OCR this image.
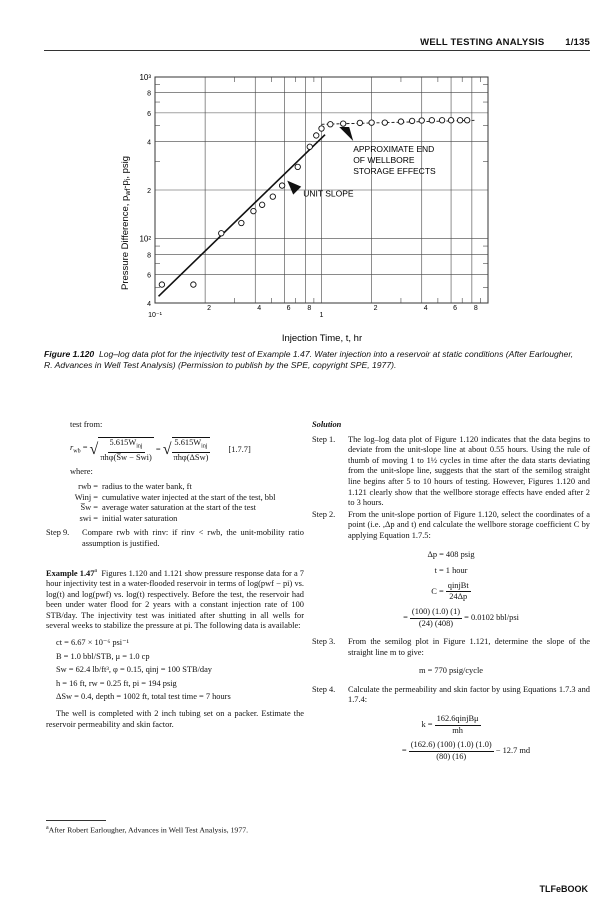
WELL TESTING ANALYSIS 1/135
10⁻¹
2	4	6 8
1
2	4	6 8
4
6
8
10²
2
4
6
8
10³
APPROXIMATE END
OF WELLBORE
STORAGE EFFECTS
UNIT SLOPE
Pressure Difference, $p_{wf}-p_i$, psig
Injection Time, t, hr
Figure 1.120 Log–log data plot for the injectivity test of Example 1.47. Water injection into a reservoir at static conditions (After Earlougher, R. Advances in Well Test Analysis) (Permission to publish by the SPE, copyright SPE, 1977).
test from:
$r_{wb}$ = √ $\frac{5.615W_{inj}}{\text{πhφ(S̅w − Swi)}}$ = √ $\frac{5.615W_{inj}}{\text{πhφ(ΔSw)}} [1.7.7]$
where:
rwb = radius to the water bank, ft
Winj = cumulative water injected at the start of the test, bbl
S̅w = average water saturation at the start of the test
swi = initial water saturation
Step 9.	Compare rwb with rinv: if rinv < rwb, the unit-mobility ratio assumption is justified.
Example 1.47$^a$ Figures 1.120 and 1.121 show pressure response data for a 7 hour injectivity test in a water-flooded reservoir in terms of log(pwf − pi) vs. log(t) and log(pwf) vs. log(t) respectively. Before the test, the reservoir had been under water flood for 2 years with a constant injection rate of 100 STB/day. The injectivity test was initiated after shutting in all wells for several weeks to stabilize the pressure at pi. The following data is available:
ct = 6.67 × 10⁻⁶ psi⁻¹
B = 1.0 bbl/STB, μ = 1.0 cp
Sw = 62.4 lb/ft³, φ = 0.15, qinj = 100 STB/day
h = 16 ft, rw = 0.25 ft, pi = 194 psig
ΔSw = 0.4, depth = 1002 ft, total test time = 7 hours
The well is completed with 2 inch tubing set on a packer. Estimate the reservoir permeability and skin factor.
Solution
Step 1.	The log–log data plot of Figure 1.120 indicates that the data begins to deviate from the unit-slope line at about 0.55 hours. Using the rule of thumb of moving 1 to 1½ cycles in time after the data starts deviating from the unit-slope line, suggests that the start of the semilog straight line begins after 5 to 10 hours of testing. However, Figures 1.120 and 1.121 clearly show that the wellbore storage effects have ended after 2 to 3 hours.
Step 2.	From the unit-slope portion of Figure 1.120, select the coordinates of a point (i.e. ,Δp and t) end calculate the wellbore storage coefficient C by applying Equation 1.7.5:
Δp = 408 psig
t = 1 hour
C =
$\frac{\text{qinjBt}}{24\Delta p}$
=
$\frac{(100) (1.0) (1)}{(24) (408)}$
= 0.0102 bbl/psi
Step 3.	From the semilog plot in Figure 1.121, determine the slope of the straight line m to give:
m = 770 psig/cycle
Step 4.	Calculate the permeability and skin factor by using Equations 1.7.3 and 1.7.4:
k =
$\frac{\text{162.6qinjBμ}}{mh}$
=
$\frac{(162.6) (100) (1.0) (1.0)}{(80) (16)}$
− 12.7 md
$^a$After Robert Earlougher, Advances in Well Test Analysis, 1977.
TLFeBOOK
